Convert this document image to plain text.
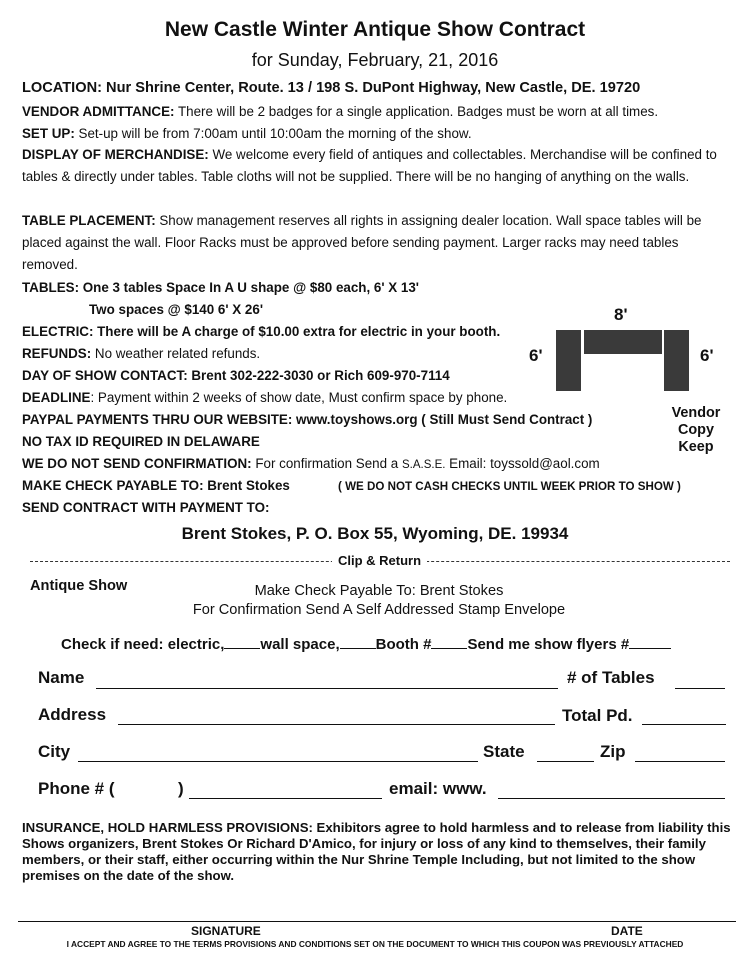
New Castle Winter Antique Show Contract
for Sunday, February, 21, 2016
LOCATION: Nur Shrine Center, Route. 13 / 198 S. DuPont Highway, New Castle, DE. 19720
VENDOR ADMITTANCE: There will be 2 badges for a single application. Badges must be worn at all times.
SET UP: Set-up will be from 7:00am until 10:00am the morning of the show.
DISPLAY OF MERCHANDISE: We welcome every field of antiques and collectables. Merchandise will be confined to tables & directly under tables. Table cloths will not be supplied. There will be no hanging of anything on the walls.
TABLE PLACEMENT: Show management reserves all rights in assigning dealer location. Wall space tables will be placed against the wall. Floor Racks must be approved before sending payment. Larger racks may need tables removed.
TABLES: One 3 tables Space In A U shape @ $80 each, 6' X 13'
Two spaces @ $140 6' X 26'
ELECTRIC: There will be A charge of $10.00 extra for electric in your booth.
REFUNDS: No weather related refunds.
DAY OF SHOW CONTACT: Brent 302-222-3030 or Rich 609-970-7114
DEADLINE: Payment within 2 weeks of show date, Must confirm space by phone.
PAYPAL PAYMENTS THRU OUR WEBSITE: www.toyshows.org ( Still Must Send Contract )
NO TAX ID REQUIRED IN DELAWARE
WE DO NOT SEND CONFIRMATION: For confirmation Send a S.A.S.E. Email: toyssold@aol.com
MAKE CHECK PAYABLE TO: Brent Stokes	( WE DO NOT CASH CHECKS UNTIL WEEK PRIOR TO SHOW )
SEND CONTRACT WITH PAYMENT TO:
Brent Stokes, P. O. Box 55, Wyoming, DE. 19934
8'
6'	6'
Vendor
Copy
Keep
Clip & Return
Antique Show	Make Check Payable To: Brent Stokes
For Confirmation Send A Self Addressed Stamp Envelope
Check if need: electric, wall space, Booth # Send me show flyers #
Name	# of Tables
Address	Total Pd.
City	State	Zip
Phone # (	)	email: www.
INSURANCE, HOLD HARMLESS PROVISIONS: Exhibitors agree to hold harmless and to release from liability this Shows organizers, Brent Stokes Or Richard D'Amico, for injury or loss of any kind to themselves, their family members, or their staff, either occurring within the Nur Shrine Temple Including, but not limited to the show premises on the date of the show.
SIGNATURE	DATE
I ACCEPT AND AGREE TO THE TERMS PROVISIONS AND CONDITIONS SET ON THE DOCUMENT TO WHICH THIS COUPON WAS PREVIOUSLY ATTACHED
